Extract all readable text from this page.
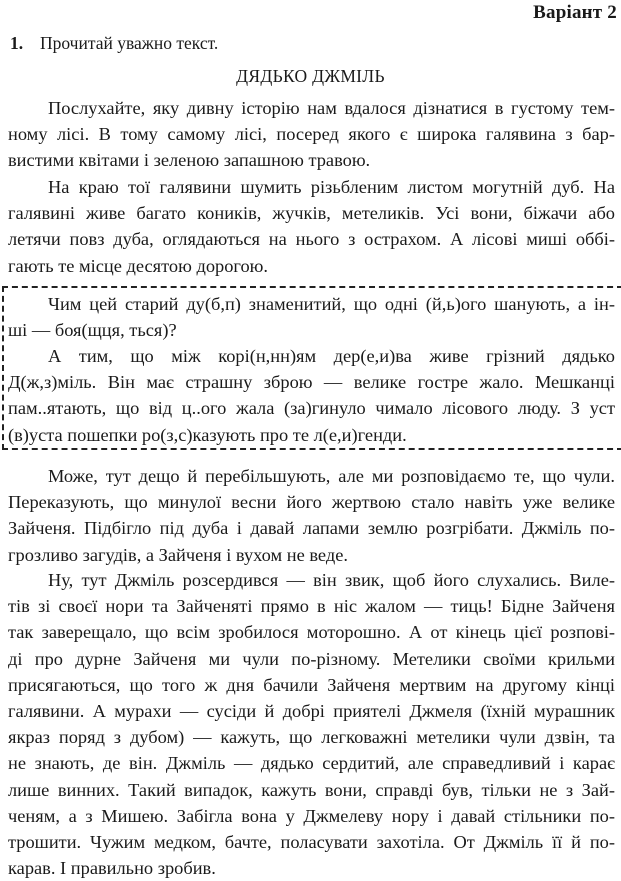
Варіант 2
1. Прочитай уважно текст.
ДЯДЬКО ДЖМІЛЬ

Послухайте, яку дивну історію нам вдалося дізнатися в густому тем-
ному лісі. В тому самому лісі, посеред якого є широка галявина з бар-
вистими квітами і зеленою запашною травою.

На краю тої галявини шумить різьбленим листом могутній дуб. На
галявині живе багато коників, жучків, метеликів. Усі вони, біжачи або
летячи повз дуба, оглядаються на нього з острахом. А лісові миші оббі-
гають те місце десятою дорогою.

Чим цей старий ду(б,п) знаменитий, що одні (й,ь)ого шанують, а ін-
ші — боя(щця, ться)?

А тим, що між корі(н,нн)ям дер(е,и)ва живе грізний дядько
Д(ж,з)міль. Він має страшну зброю — велике гостре жало. Мешканці
пам..ятають, що від ц..ого жала (за)гинуло чимало лісового люду. З уст
(в)уста пошепки ро(з,с)казують про те л(е,и)генди.

Може, тут дещо й перебільшують, але ми розповідаємо те, що чули.
Переказують, що минулої весни його жертвою стало навіть уже велике
Зайченя. Підбігло під дуба і давай лапами землю розгрібати. Джміль по-
грозливо загудів, а Зайченя і вухом не веде.

Ну, тут Джміль розсердився — він звик, щоб його слухались. Виле-
тів зі своєї нори та Зайченяті прямо в ніс жалом — тиць! Бідне Зайченя
так заверещало, що всім зробилося моторошно. А от кінець цієї розпові-
ді про дурне Зайченя ми чули по-різному. Метелики своїми крильми
присягаються, що того ж дня бачили Зайченя мертвим на другому кінці
галявини. А мурахи — сусіди й добрі приятелі Джмеля (їхній мурашник
якраз поряд з дубом) — кажуть, що легковажні метелики чули дзвін, та
не знають, де він. Джміль — дядько сердитий, але справедливий і карає
лише винних. Такий випадок, кажуть вони, справді був, тільки не з Зай-
ченям, а з Мишею. Забігла вона у Джмелеву нору і давай стільники по-
трошити. Чужим медком, бачте, поласувати захотіла. От Джміль її й по-
карав. І правильно зробив.
